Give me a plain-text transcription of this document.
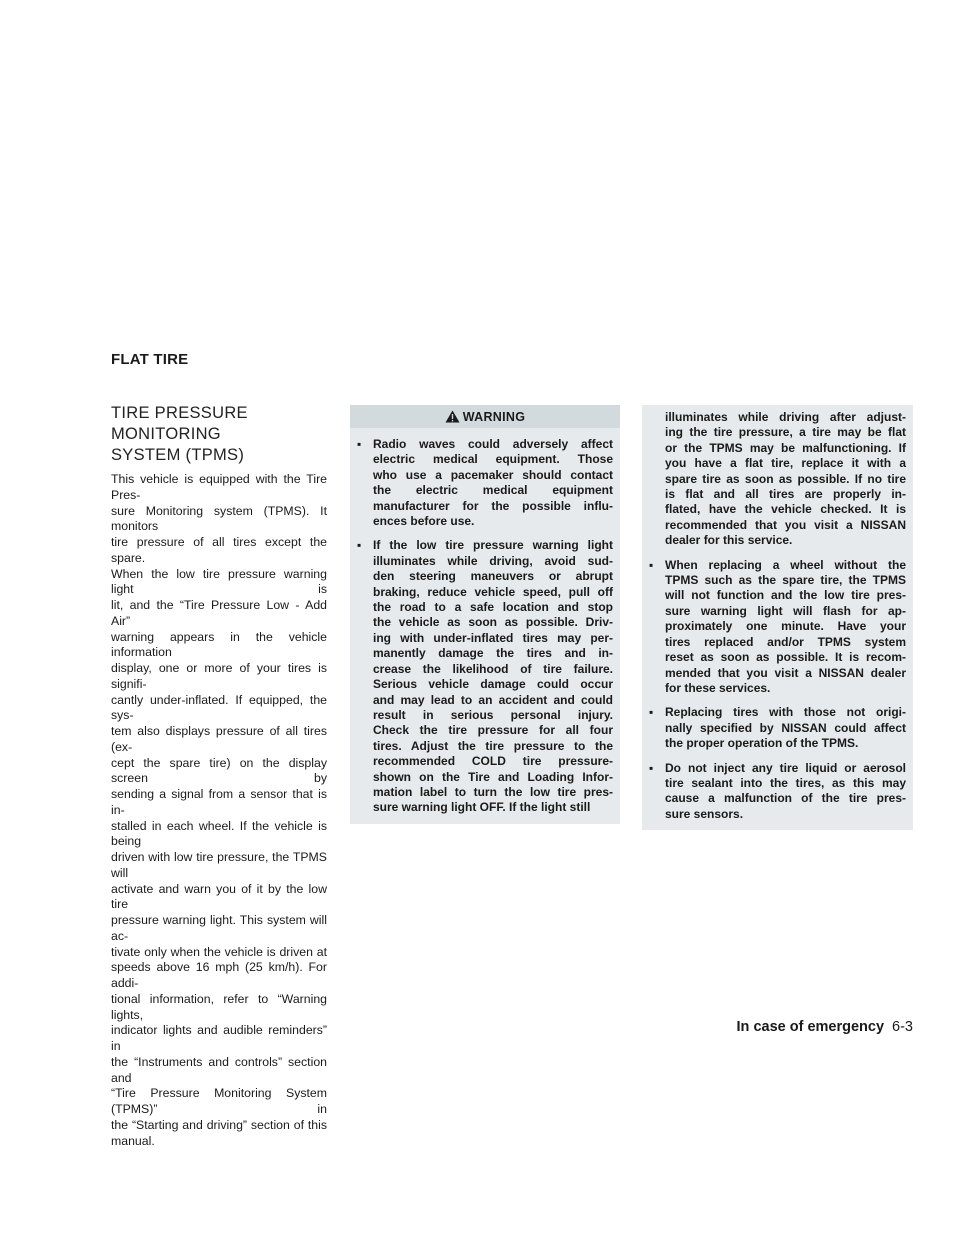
FLAT TIRE
TIRE PRESSURE MONITORING
SYSTEM (TPMS)
This vehicle is equipped with the Tire Pres-
sure Monitoring system (TPMS). It monitors
tire pressure of all tires except the spare.
When the low tire pressure warning light is
lit, and the “Tire Pressure Low - Add Air”
warning appears in the vehicle information
display, one or more of your tires is signifi-
cantly under-inflated. If equipped, the sys-
tem also displays pressure of all tires (ex-
cept the spare tire) on the display screen by
sending a signal from a sensor that is in-
stalled in each wheel. If the vehicle is being
driven with low tire pressure, the TPMS will
activate and warn you of it by the low tire
pressure warning light. This system will ac-
tivate only when the vehicle is driven at
speeds above 16 mph (25 km/h). For addi-
tional information, refer to “Warning lights,
indicator lights and audible reminders” in
the “Instruments and controls” section and
“Tire Pressure Monitoring System (TPMS)” in
the “Starting and driving” section of this
manual.
WARNING
▪ Radio waves could adversely affect
electric medical equipment. Those
who use a pacemaker should contact
the electric medical equipment
manufacturer for the possible influ-
ences before use.
▪ If the low tire pressure warning light
illuminates while driving, avoid sud-
den steering maneuvers or abrupt
braking, reduce vehicle speed, pull off
the road to a safe location and stop
the vehicle as soon as possible. Driv-
ing with under-inflated tires may per-
manently damage the tires and in-
crease the likelihood of tire failure.
Serious vehicle damage could occur
and may lead to an accident and could
result in serious personal injury.
Check the tire pressure for all four
tires. Adjust the tire pressure to the
recommended COLD tire pressure-
shown on the Tire and Loading Infor-
mation label to turn the low tire pres-
sure warning light OFF. If the light still
illuminates while driving after adjust-
ing the tire pressure, a tire may be flat
or the TPMS may be malfunctioning. If
you have a flat tire, replace it with a
spare tire as soon as possible. If no tire
is flat and all tires are properly in-
flated, have the vehicle checked. It is
recommended that you visit a NISSAN
dealer for this service.
▪ When replacing a wheel without the
TPMS such as the spare tire, the TPMS
will not function and the low tire pres-
sure warning light will flash for ap-
proximately one minute. Have your
tires replaced and/or TPMS system
reset as soon as possible. It is recom-
mended that you visit a NISSAN dealer
for these services.
▪ Replacing tires with those not origi-
nally specified by NISSAN could affect
the proper operation of the TPMS.
▪ Do not inject any tire liquid or aerosol
tire sealant into the tires, as this may
cause a malfunction of the tire pres-
sure sensors.
In case of emergency 6-3
